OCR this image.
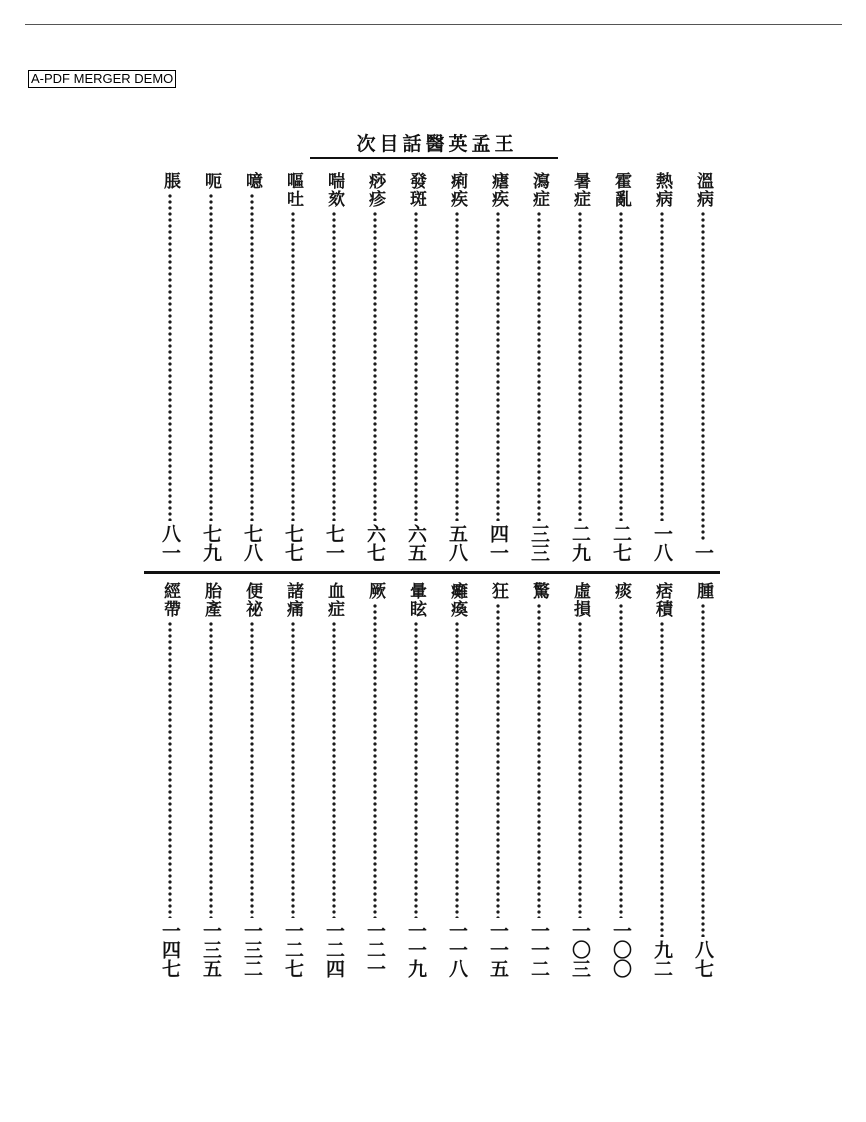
A-PDF MERGER DEMO
王
孟
英
醫
話
目
次
溫病
一
熱病
一八
霍亂
二七
暑症
二九
瀉症
三三
瘧疾
四一
痢疾
五八
發斑
六五
痧疹
六七
喘欬
七一
嘔吐
七七
噫
七八
呃
七九
脹
八一
腫
八七
痞積
九二
痰
一〇〇
虛損
一〇三
驚
一一二
狂
一一五
癱瘓
一一八
暈眩
一一九
厥
一二一
血症
一二四
諸痛
一二七
便祕
一三二
胎產
一三五
經帶
一四七
